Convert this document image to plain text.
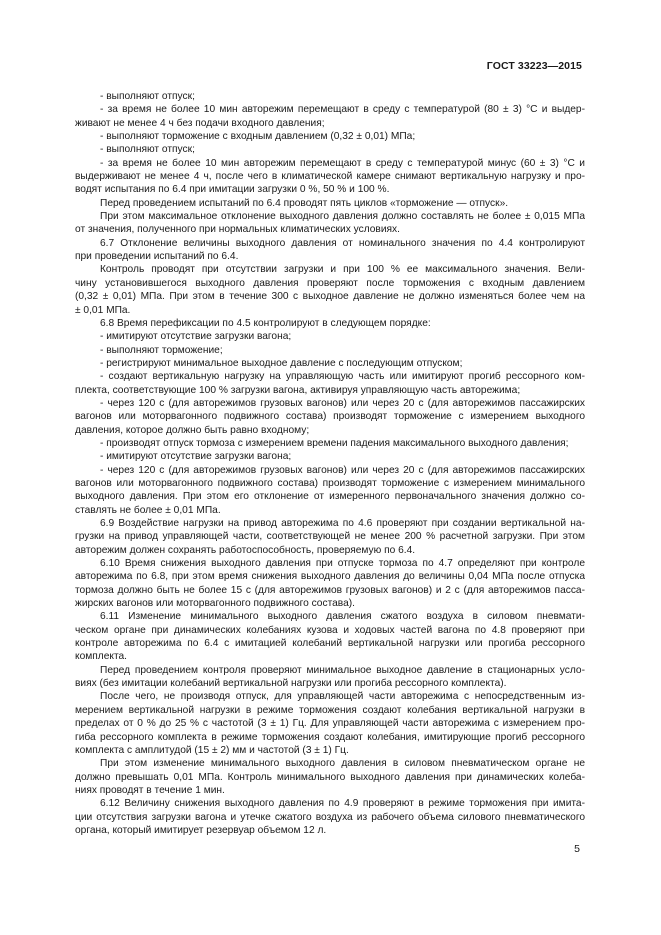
ГОСТ 33223—2015
- выполняют отпуск;
- за время не более 10 мин авторежим перемещают в среду с температурой (80 ± 3) °С и выдер-
живают не менее 4 ч без подачи входного давления;
- выполняют торможение с входным давлением (0,32 ± 0,01) МПа;
- выполняют отпуск;
- за время не более 10 мин авторежим перемещают в среду с температурой минус (60 ± 3) °С и
выдерживают не менее 4 ч, после чего в климатической камере снимают вертикальную нагрузку и про-
водят испытания по 6.4 при имитации загрузки 0 %, 50 % и 100 %.
Перед проведением испытаний по 6.4 проводят пять циклов «торможение — отпуск».
При этом максимальное отклонение выходного давления должно составлять не более ± 0,015 МПа
от значения, полученного при нормальных климатических условиях.
6.7 Отклонение величины выходного давления от номинального значения по 4.4 контролируют
при проведении испытаний по 6.4.
Контроль проводят при отсутствии загрузки и при 100 % ее максимального значения. Вели-
чину установившегося выходного давления проверяют после торможения с входным давлением
(0,32 ± 0,01) МПа. При этом в течение 300 с выходное давление не должно изменяться более чем на
± 0,01 МПа.
6.8 Время перефиксации по 4.5 контролируют в следующем порядке:
- имитируют отсутствие загрузки вагона;
- выполняют торможение;
- регистрируют минимальное выходное давление с последующим отпуском;
- создают вертикальную нагрузку на управляющую часть или имитируют прогиб рессорного ком-
плекта, соответствующие 100 % загрузки вагона, активируя управляющую часть авторежима;
- через 120 с (для авторежимов грузовых вагонов) или через 20 с (для авторежимов пассажирских
вагонов или моторвагонного подвижного состава) производят торможение с измерением выходного
давления, которое должно быть равно входному;
- производят отпуск тормоза с измерением времени падения максимального выходного давления;
- имитируют отсутствие загрузки вагона;
- через 120 с (для авторежимов грузовых вагонов) или через 20 с (для авторежимов пассажирских
вагонов или моторвагонного подвижного состава) производят торможение с измерением минимального
выходного давления. При этом его отклонение от измеренного первоначального значения должно со-
ставлять не более ± 0,01 МПа.
6.9 Воздействие нагрузки на привод авторежима по 4.6 проверяют при создании вертикальной на-
грузки на привод управляющей части, соответствующей не менее 200 % расчетной загрузки. При этом
авторежим должен сохранять работоспособность, проверяемую по 6.4.
6.10 Время снижения выходного давления при отпуске тормоза по 4.7 определяют при контроле
авторежима по 6.8, при этом время снижения выходного давления до величины 0,04 МПа после отпуска
тормоза должно быть не более 15 с (для авторежимов грузовых вагонов) и 2 с (для авторежимов пасса-
жирских вагонов или моторвагонного подвижного состава).
6.11 Изменение минимального выходного давления сжатого воздуха в силовом пневмати-
ческом органе при динамических колебаниях кузова и ходовых частей вагона по 4.8 проверяют при
контроле авторежима по 6.4 с имитацией колебаний вертикальной нагрузки или прогиба рессорного
комплекта.
Перед проведением контроля проверяют минимальное выходное давление в стационарных усло-
виях (без имитации колебаний вертикальной нагрузки или прогиба рессорного комплекта).
После чего, не производя отпуск, для управляющей части авторежима с непосредственным из-
мерением вертикальной нагрузки в режиме торможения создают колебания вертикальной нагрузки в
пределах от 0 % до 25 % с частотой (3 ± 1) Гц. Для управляющей части авторежима с измерением про-
гиба рессорного комплекта в режиме торможения создают колебания, имитирующие прогиб рессорного
комплекта с амплитудой (15 ± 2) мм и частотой (3 ± 1) Гц.
При этом изменение минимального выходного давления в силовом пневматическом органе не
должно превышать 0,01 МПа. Контроль минимального выходного давления при динамических колеба-
ниях проводят в течение 1 мин.
6.12 Величину снижения выходного давления по 4.9 проверяют в режиме торможения при имита-
ции отсутствия загрузки вагона и утечке сжатого воздуха из рабочего объема силового пневматического
органа, который имитирует резервуар объемом 12 л.
5
